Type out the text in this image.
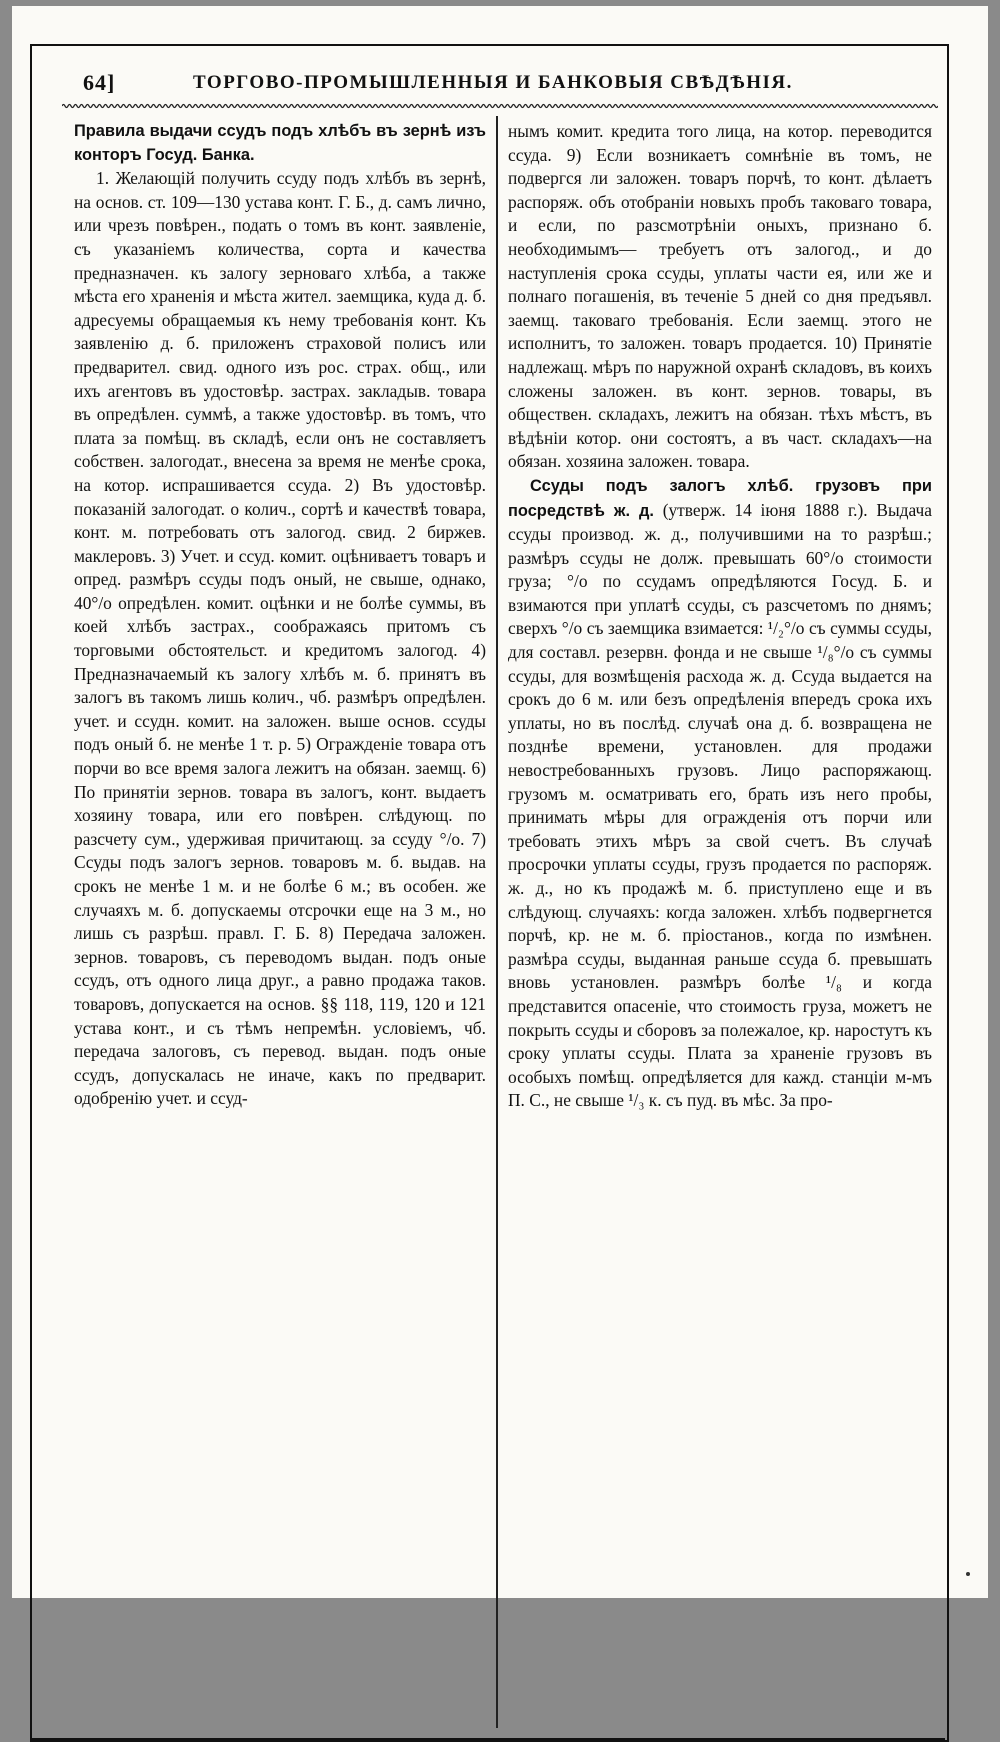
64]	ТОРГОВО-ПРОМЫШЛЕННЫЯ И БАНКОВЫЯ СВѢДѢНІЯ.

Правила выдачи ссудъ подъ хлѣбъ въ зернѣ изъ конторъ Госуд. Банка.

1. Желающій получить ссуду подъ хлѣбъ въ зернѣ, на основ. ст. 109—130 устава конт. Г. Б., д. самъ лично, или чрезъ повѣрен., подать о томъ въ конт. заявленіе, съ указаніемъ количества, сорта и качества предназначен. къ залогу зерноваго хлѣба, а также мѣста его храненія и мѣста жител. заемщика, куда д. б. адресуемы обращаемыя къ нему требованія конт. Къ заявленію д. б. приложенъ страховой полисъ или предварител. свид. одного изъ рос. страх. общ., или ихъ агентовъ въ удостовѣр. застрах. закладыв. товара въ опредѣлен. суммѣ, а также удостовѣр. въ томъ, что плата за помѣщ. въ складѣ, если онъ не составляетъ собствен. залогодат., внесена за время не менѣе срока, на котор. испрашивается ссуда. 2) Въ удостовѣр. показаній залогодат. о колич., сортѣ и качествѣ товара, конт. м. потребовать отъ залогод. свид. 2 биржев. маклеровъ. 3) Учет. и ссуд. комит. оцѣниваетъ товаръ и опред. размѣръ ссуды подъ оный, не свыше, однако, 40°/о опредѣлен. комит. оцѣнки и не болѣе суммы, въ коей хлѣбъ застрах., соображаясь притомъ съ торговыми обстоятельст. и кредитомъ залогод. 4) Предназначаемый къ залогу хлѣбъ м. б. принятъ въ залогъ въ такомъ лишь колич., чб. размѣръ опредѣлен. учет. и ссудн. комит. на заложен. выше основ. ссуды подъ оный б. не менѣе 1 т. р. 5) Огражденіе товара отъ порчи во все время залога лежитъ на обязан. заемщ. 6) По принятіи зернов. товара въ залогъ, конт. выдаетъ хозяину товара, или его повѣрен. слѣдующ. по разсчету сум., удерживая причитающ. за ссуду °/о. 7) Ссуды подъ залогъ зернов. товаровъ м. б. выдав. на срокъ не менѣе 1 м. и не болѣе 6 м.; въ особен. же случаяхъ м. б. допускаемы отсрочки еще на 3 м., но лишь съ разрѣш. правл. Г. Б. 8) Передача заложен. зернов. товаровъ, съ переводомъ выдан. подъ оные ссудъ, отъ одного лица друг., а равно продажа таков. товаровъ, допускается на основ. §§ 118, 119, 120 и 121 устава конт., и съ тѣмъ непремѣн. условіемъ, чб. передача залоговъ, съ перевод. выдан. подъ оные ссудъ, допускалась не иначе, какъ по предварит. одобренію учет. и ссуд-

нымъ комит. кредита того лица, на котор. переводится ссуда. 9) Если возникаетъ сомнѣніе въ томъ, не подвергся ли заложен. товаръ порчѣ, то конт. дѣлаетъ распоряж. объ отобраніи новыхъ пробъ таковаго товара, и если, по разсмотрѣніи оныхъ, признано б. необходимымъ— требуетъ отъ залогод., и до наступленія срока ссуды, уплаты части ея, или же и полнаго погашенія, въ теченіе 5 дней со дня предъявл. заемщ. таковаго требованія. Если заемщ. этого не исполнитъ, то заложен. товаръ продается. 10) Принятіе надлежащ. мѣръ по наружной охранѣ складовъ, въ коихъ сложены заложен. въ конт. зернов. товары, въ обществен. складахъ, лежитъ на обязан. тѣхъ мѣстъ, въ вѣдѣніи котор. они состоятъ, а въ част. складахъ—на обязан. хозяина заложен. товара.

Ссуды подъ залогъ хлѣб. грузовъ при посредствѣ ж. д. (утверж. 14 іюня 1888 г.). Выдача ссуды производ. ж. д., получившими на то разрѣш.; размѣръ ссуды не долж. превышать 60°/о стоимости груза; °/о по ссудамъ опредѣляются Госуд. Б. и взимаются при уплатѣ ссуды, съ разсчетомъ по днямъ; сверхъ °/о съ заемщика взимается: ¹/₂°/о съ суммы ссуды, для составл. резервн. фонда и не свыше ¹/₈°/о съ суммы ссуды, для возмѣщенія расхода ж. д. Ссуда выдается на срокъ до 6 м. или безъ опредѣленія впередъ срока ихъ уплаты, но въ послѣд. случаѣ она д. б. возвращена не позднѣе времени, установлен. для продажи невостребованныхъ грузовъ. Лицо распоряжающ. грузомъ м. осматривать его, брать изъ него пробы, принимать мѣры для огражденія отъ порчи или требовать этихъ мѣръ за свой счетъ. Въ случаѣ просрочки уплаты ссуды, грузъ продается по распоряж. ж. д., но къ продажѣ м. б. приступлено еще и въ слѣдующ. случаяхъ: когда заложен. хлѣбъ подвергнется порчѣ, кр. не м. б. пріостанов., когда по измѣнен. размѣра ссуды, выданная раньше ссуда б. превышать вновь установлен. размѣръ болѣе ¹/₈ и когда представится опасеніе, что стоимость груза, можетъ не покрыть ссуды и сборовъ за полежалое, кр. наростутъ къ сроку уплаты ссуды. Плата за храненіе грузовъ въ особыхъ помѣщ. опредѣляется для кажд. станціи м-мъ П. С., не свыше ¹/₃ к. съ пуд. въ мѣс. За про-
